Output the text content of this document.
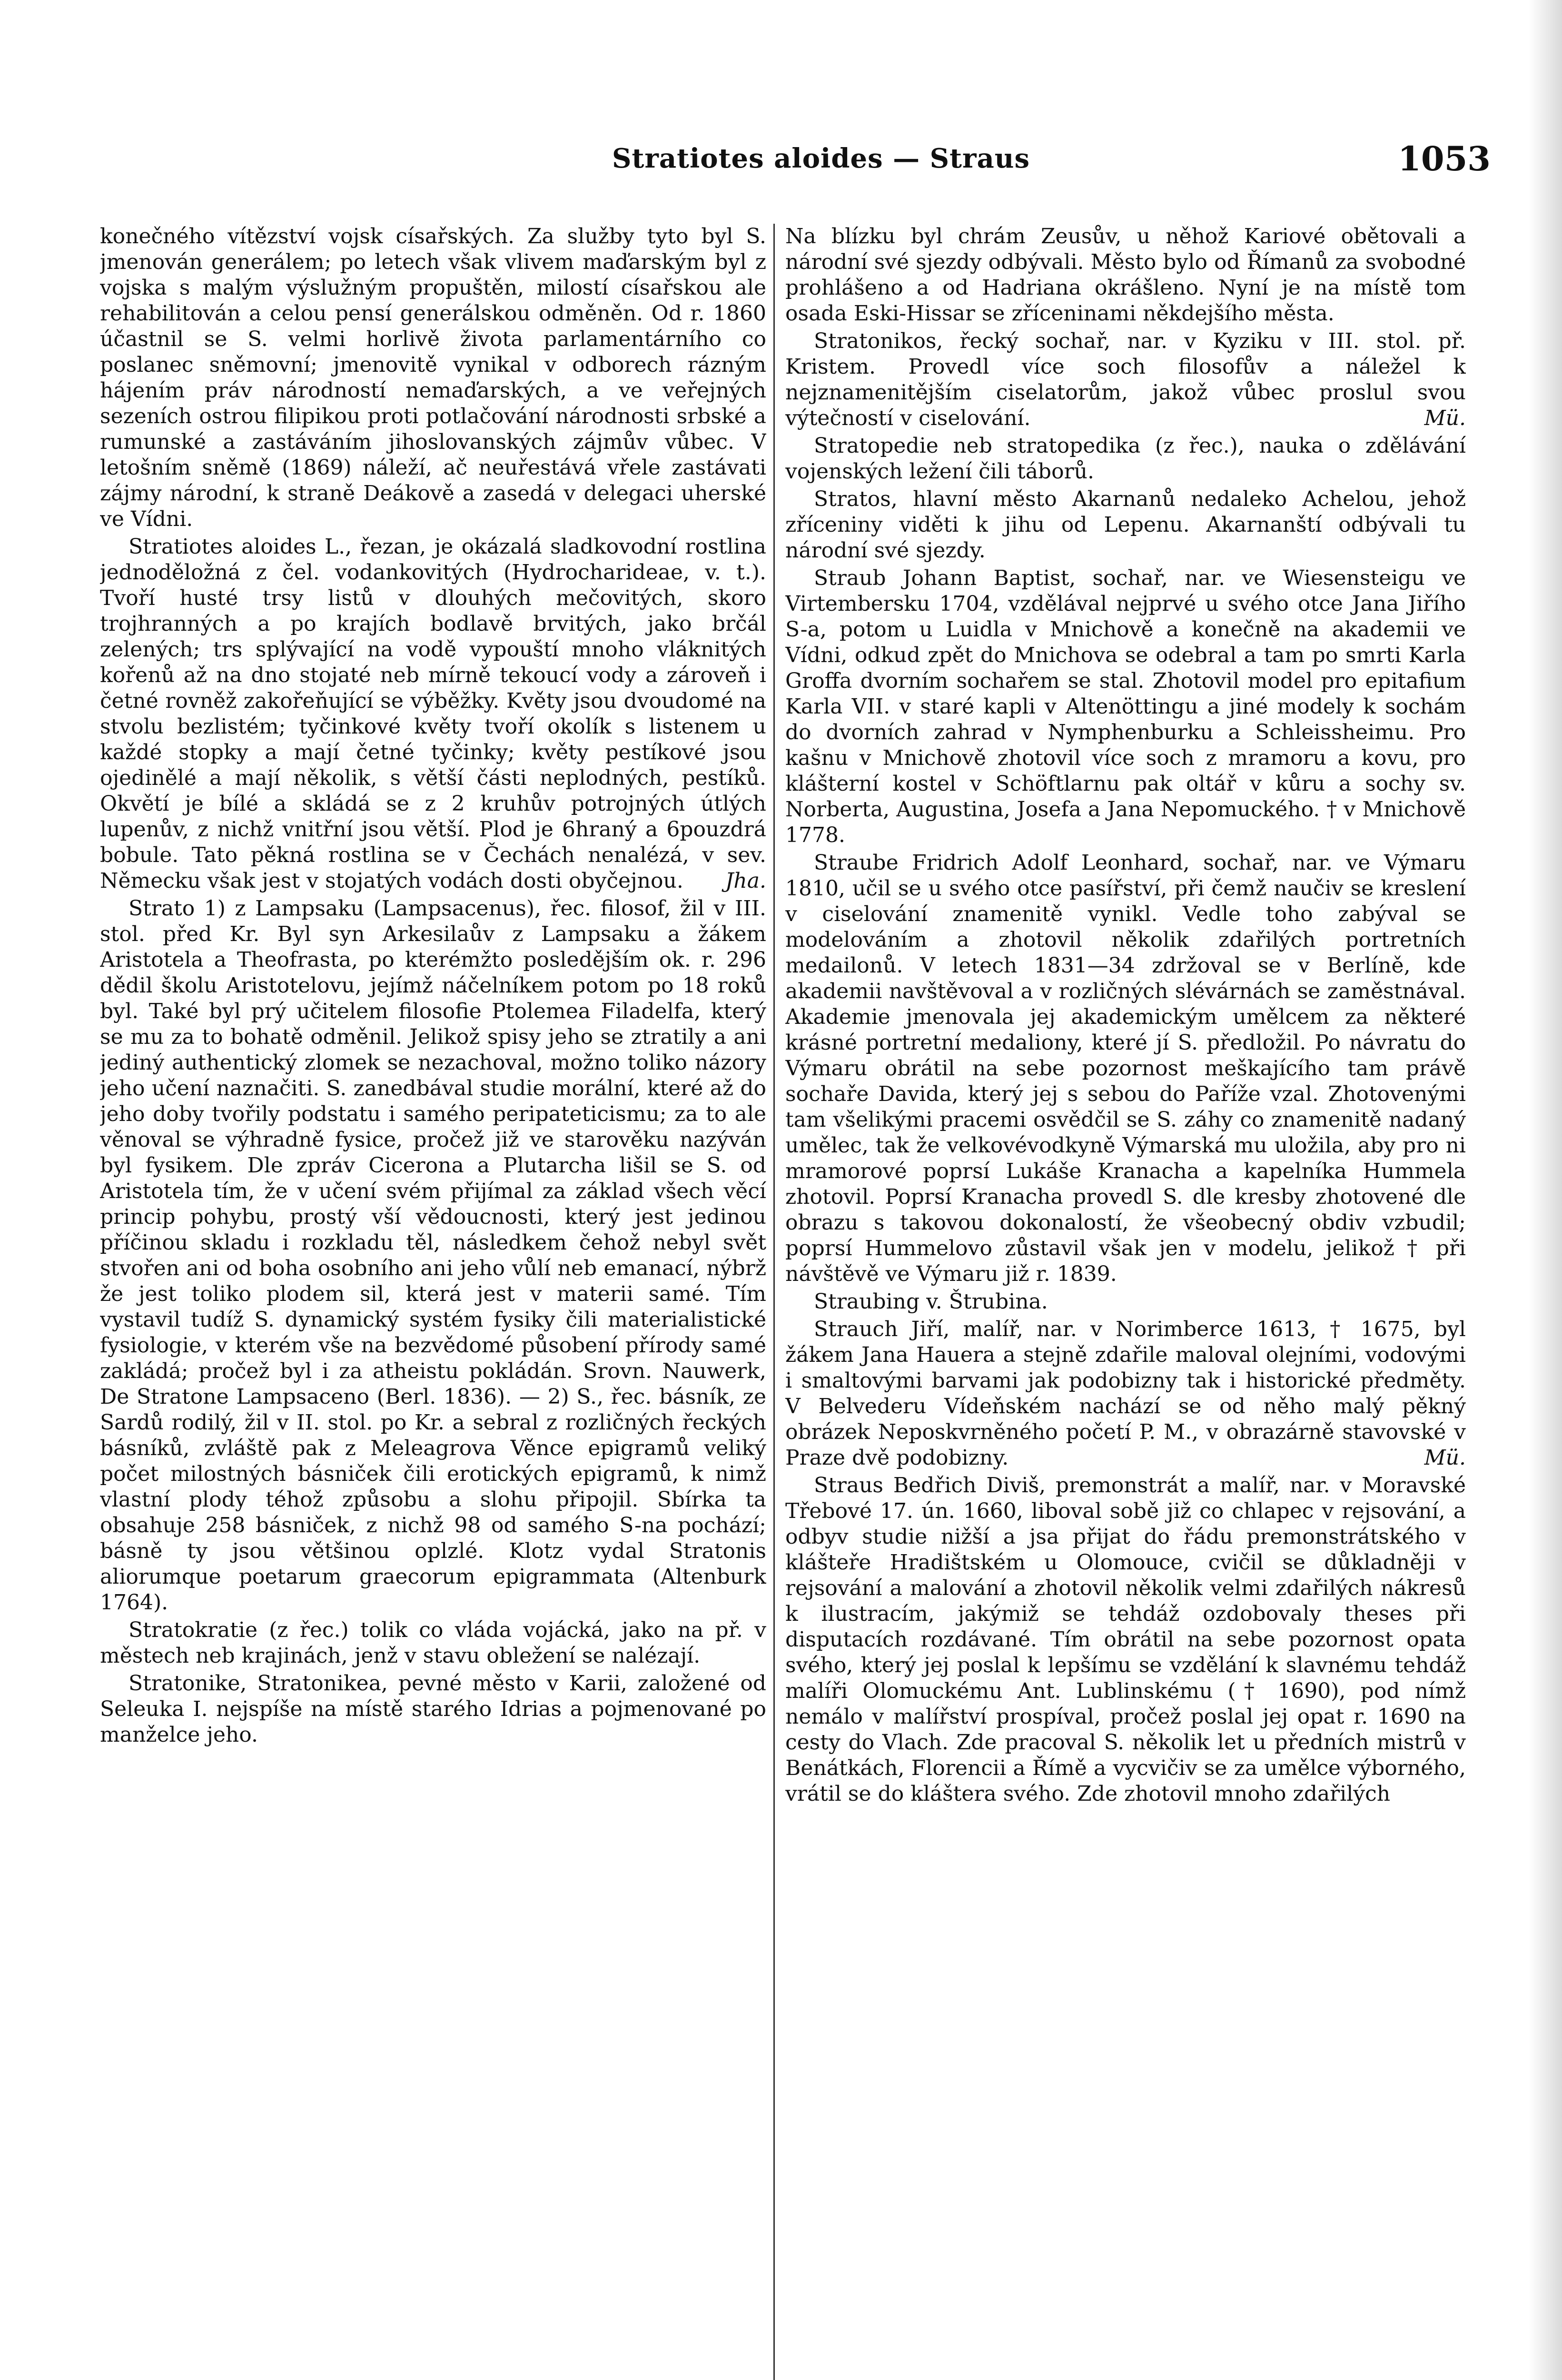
Stratiotes aloides — Straus	1053

konečného vítězství vojsk císařských. Za služby tyto byl S. jmenován generálem; po letech však vlivem maďarským byl z vojska s malým výslužným propuštěn, milostí císařskou ale rehabilitován a celou pensí generálskou odměněn. Od r. 1860 účastnil se S. velmi horlivě života parlamentárního co poslanec sněmovní; jmenovitě vynikal v odborech rázným hájením práv národností nemaďarských, a ve veřejných sezeních ostrou filipikou proti potlačování národnosti srbské a rumunské a zastáváním jihoslovanských zájmův vůbec. V letošním sněmě (1869) náleží, ač neuřestává vřele zastávati zájmy národní, k straně Deákově a zasedá v delegaci uherské ve Vídni.

Stratiotes aloides L., řezan, je okázalá sladkovodní rostlina jednoděložná z čel. vodankovitých (Hydrocharideae, v. t.). Tvoří husté trsy listů v dlouhých mečovitých, skoro trojhranných a po krajích bodlavě brvitých, jako brčál zelených; trs splývající na vodě vypouští mnoho vláknitých kořenů až na dno stojaté neb mírně tekoucí vody a zároveň i četné rovněž zakořeňující se výběžky. Květy jsou dvoudomé na stvolu bezlistém; tyčinkové květy tvoří okolík s listenem u každé stopky a mají četné tyčinky; květy pestíkové jsou ojedinělé a mají několik, s větší části neplodných, pestíků. Okvětí je bílé a skládá se z 2 kruhův potrojných útlých lupenův, z nichž vnitřní jsou větší. Plod je 6hraný a 6pouzdrá bobule. Tato pěkná rostlina se v Čechách nenalézá, v sev. Německu však jest v stojatých vodách dosti obyčejnou.	Jha.

Strato 1) z Lampsaku (Lampsacenus), řec. filosof, žil v III. stol. před Kr. Byl syn Arkesilaův z Lampsaku a žákem Aristotela a Theofrasta, po kterémžto posledějším ok. r. 296 dědil školu Aristotelovu, jejímž náčelníkem potom po 18 roků byl. Také byl prý učitelem filosofie Ptolemea Filadelfa, který se mu za to bohatě odměnil. Jelikož spisy jeho se ztratily a ani jediný authentický zlomek se nezachoval, možno toliko názory jeho učení naznačiti. S. zanedbával studie morální, které až do jeho doby tvořily podstatu i samého peripateticismu; za to ale věnoval se výhradně fysice, pročež již ve starověku nazýván byl fysikem. Dle zpráv Cicerona a Plutarcha lišil se S. od Aristotela tím, že v učení svém přijímal za základ všech věcí princip pohybu, prostý vší vědoucnosti, který jest jedinou příčinou skladu i rozkladu těl, následkem čehož nebyl svět stvořen ani od boha osobního ani jeho vůlí neb emanací, nýbrž že jest toliko plodem sil, která jest v materii samé. Tím vystavil tudíž S. dynamický systém fysiky čili materialistické fysiologie, v kterém vše na bezvědomé působení přírody samé zakládá; pročež byl i za atheistu pokládán. Srovn. Nauwerk, De Stratone Lampsaceno (Berl. 1836). — 2) S., řec. básník, ze Sardů rodilý, žil v II. stol. po Kr. a sebral z rozličných řeckých básníků, zvláště pak z Meleagrova Věnce epigramů veliký počet milostných básniček čili erotických epigramů, k nimž vlastní plody téhož způsobu a slohu připojil. Sbírka ta obsahuje 258 básniček, z nichž 98 od samého S-na pochází; básně ty jsou většinou oplzlé. Klotz vydal Stratonis aliorumque poetarum graecorum epigrammata (Altenburk 1764).

Stratokratie (z řec.) tolik co vláda vojácká, jako na př. v městech neb krajinách, jenž v stavu obležení se nalézají.

Stratonike, Stratonikea, pevné město v Karii, založené od Seleuka I. nejspíše na místě starého Idrias a pojmenované po manželce jeho.

Na blízku byl chrám Zeusův, u něhož Kariové obětovali a národní své sjezdy odbývali. Město bylo od Římanů za svobodné prohlášeno a od Hadriana okrášleno. Nyní je na místě tom osada Eski-Hissar se zříceninami někdejšího města.

Stratonikos, řecký sochař, nar. v Kyziku v III. stol. př. Kristem. Provedl více soch filosofův a náležel k nejznamenitějším ciselatorům, jakož vůbec proslul svou výtečností v ciselování.	Mü.

Stratopedie neb stratopedika (z řec.), nauka o zdělávání vojenských ležení čili táborů.

Stratos, hlavní město Akarnanů nedaleko Achelou, jehož zříceniny viděti k jihu od Lepenu. Akarnanští odbývali tu národní své sjezdy.

Straub Johann Baptist, sochař, nar. ve Wiesensteigu ve Virtembersku 1704, vzdělával nejprvé u svého otce Jana Jiřího S-a, potom u Luidla v Mnichově a konečně na akademii ve Vídni, odkud zpět do Mnichova se odebral a tam po smrti Karla Groffa dvorním sochařem se stal. Zhotovil model pro epitafium Karla VII. v staré kapli v Altenöttingu a jiné modely k sochám do dvorních zahrad v Nymphenburku a Schleissheimu. Pro kašnu v Mnichově zhotovil více soch z mramoru a kovu, pro klášterní kostel v Schöftlarnu pak oltář v kůru a sochy sv. Norberta, Augustina, Josefa a Jana Nepomuckého. † v Mnichově 1778.

Straube Fridrich Adolf Leonhard, sochař, nar. ve Výmaru 1810, učil se u svého otce pasířství, při čemž naučiv se kreslení v ciselování znamenitě vynikl. Vedle toho zabýval se modelováním a zhotovil několik zdařilých portretních medailonů. V letech 1831—34 zdržoval se v Berlíně, kde akademii navštěvoval a v rozličných slévárnách se zaměstnával. Akademie jmenovala jej akademickým umělcem za některé krásné portretní medaliony, které jí S. předložil. Po návratu do Výmaru obrátil na sebe pozornost meškajícího tam právě sochaře Davida, který jej s sebou do Paříže vzal. Zhotovenými tam všelikými pracemi osvědčil se S. záhy co znamenitě nadaný umělec, tak že velkovévodkyně Výmarská mu uložila, aby pro ni mramorové poprsí Lukáše Kranacha a kapelníka Hummela zhotovil. Poprsí Kranacha provedl S. dle kresby zhotovené dle obrazu s takovou dokonalostí, že všeobecný obdiv vzbudil; poprsí Hummelovo zůstavil však jen v modelu, jelikož † při návštěvě ve Výmaru již r. 1839.

Straubing v. Štrubina.

Strauch Jiří, malíř, nar. v Norimberce 1613, † 1675, byl žákem Jana Hauera a stejně zdařile maloval olejními, vodovými i smaltovými barvami jak podobizny tak i historické předměty. V Belvederu Vídeňském nachází se od něho malý pěkný obrázek Neposkvrněného početí P. M., v obrazárně stavovské v Praze dvě podobizny.	Mü.

Straus Bedřich Diviš, premonstrát a malíř, nar. v Moravské Třebové 17. ún. 1660, liboval sobě již co chlapec v rejsování, a odbyv studie nižší a jsa přijat do řádu premonstrátského v klášteře Hradištském u Olomouce, cvičil se důkladněji v rejsování a malování a zhotovil několik velmi zdařilých nákresů k ilustracím, jakýmiž se tehdáž ozdobovaly theses při disputacích rozdávané. Tím obrátil na sebe pozornost opata svého, který jej poslal k lepšímu se vzdělání k slavnému tehdáž malíři Olomuckému Ant. Lublinskému († 1690), pod nímž nemálo v malířství prospíval, pročež poslal jej opat r. 1690 na cesty do Vlach. Zde pracoval S. několik let u předních mistrů v Benátkách, Florencii a Římě a vycvičiv se za umělce výborného, vrátil se do kláštera svého. Zde zhotovil mnoho zdařilých
